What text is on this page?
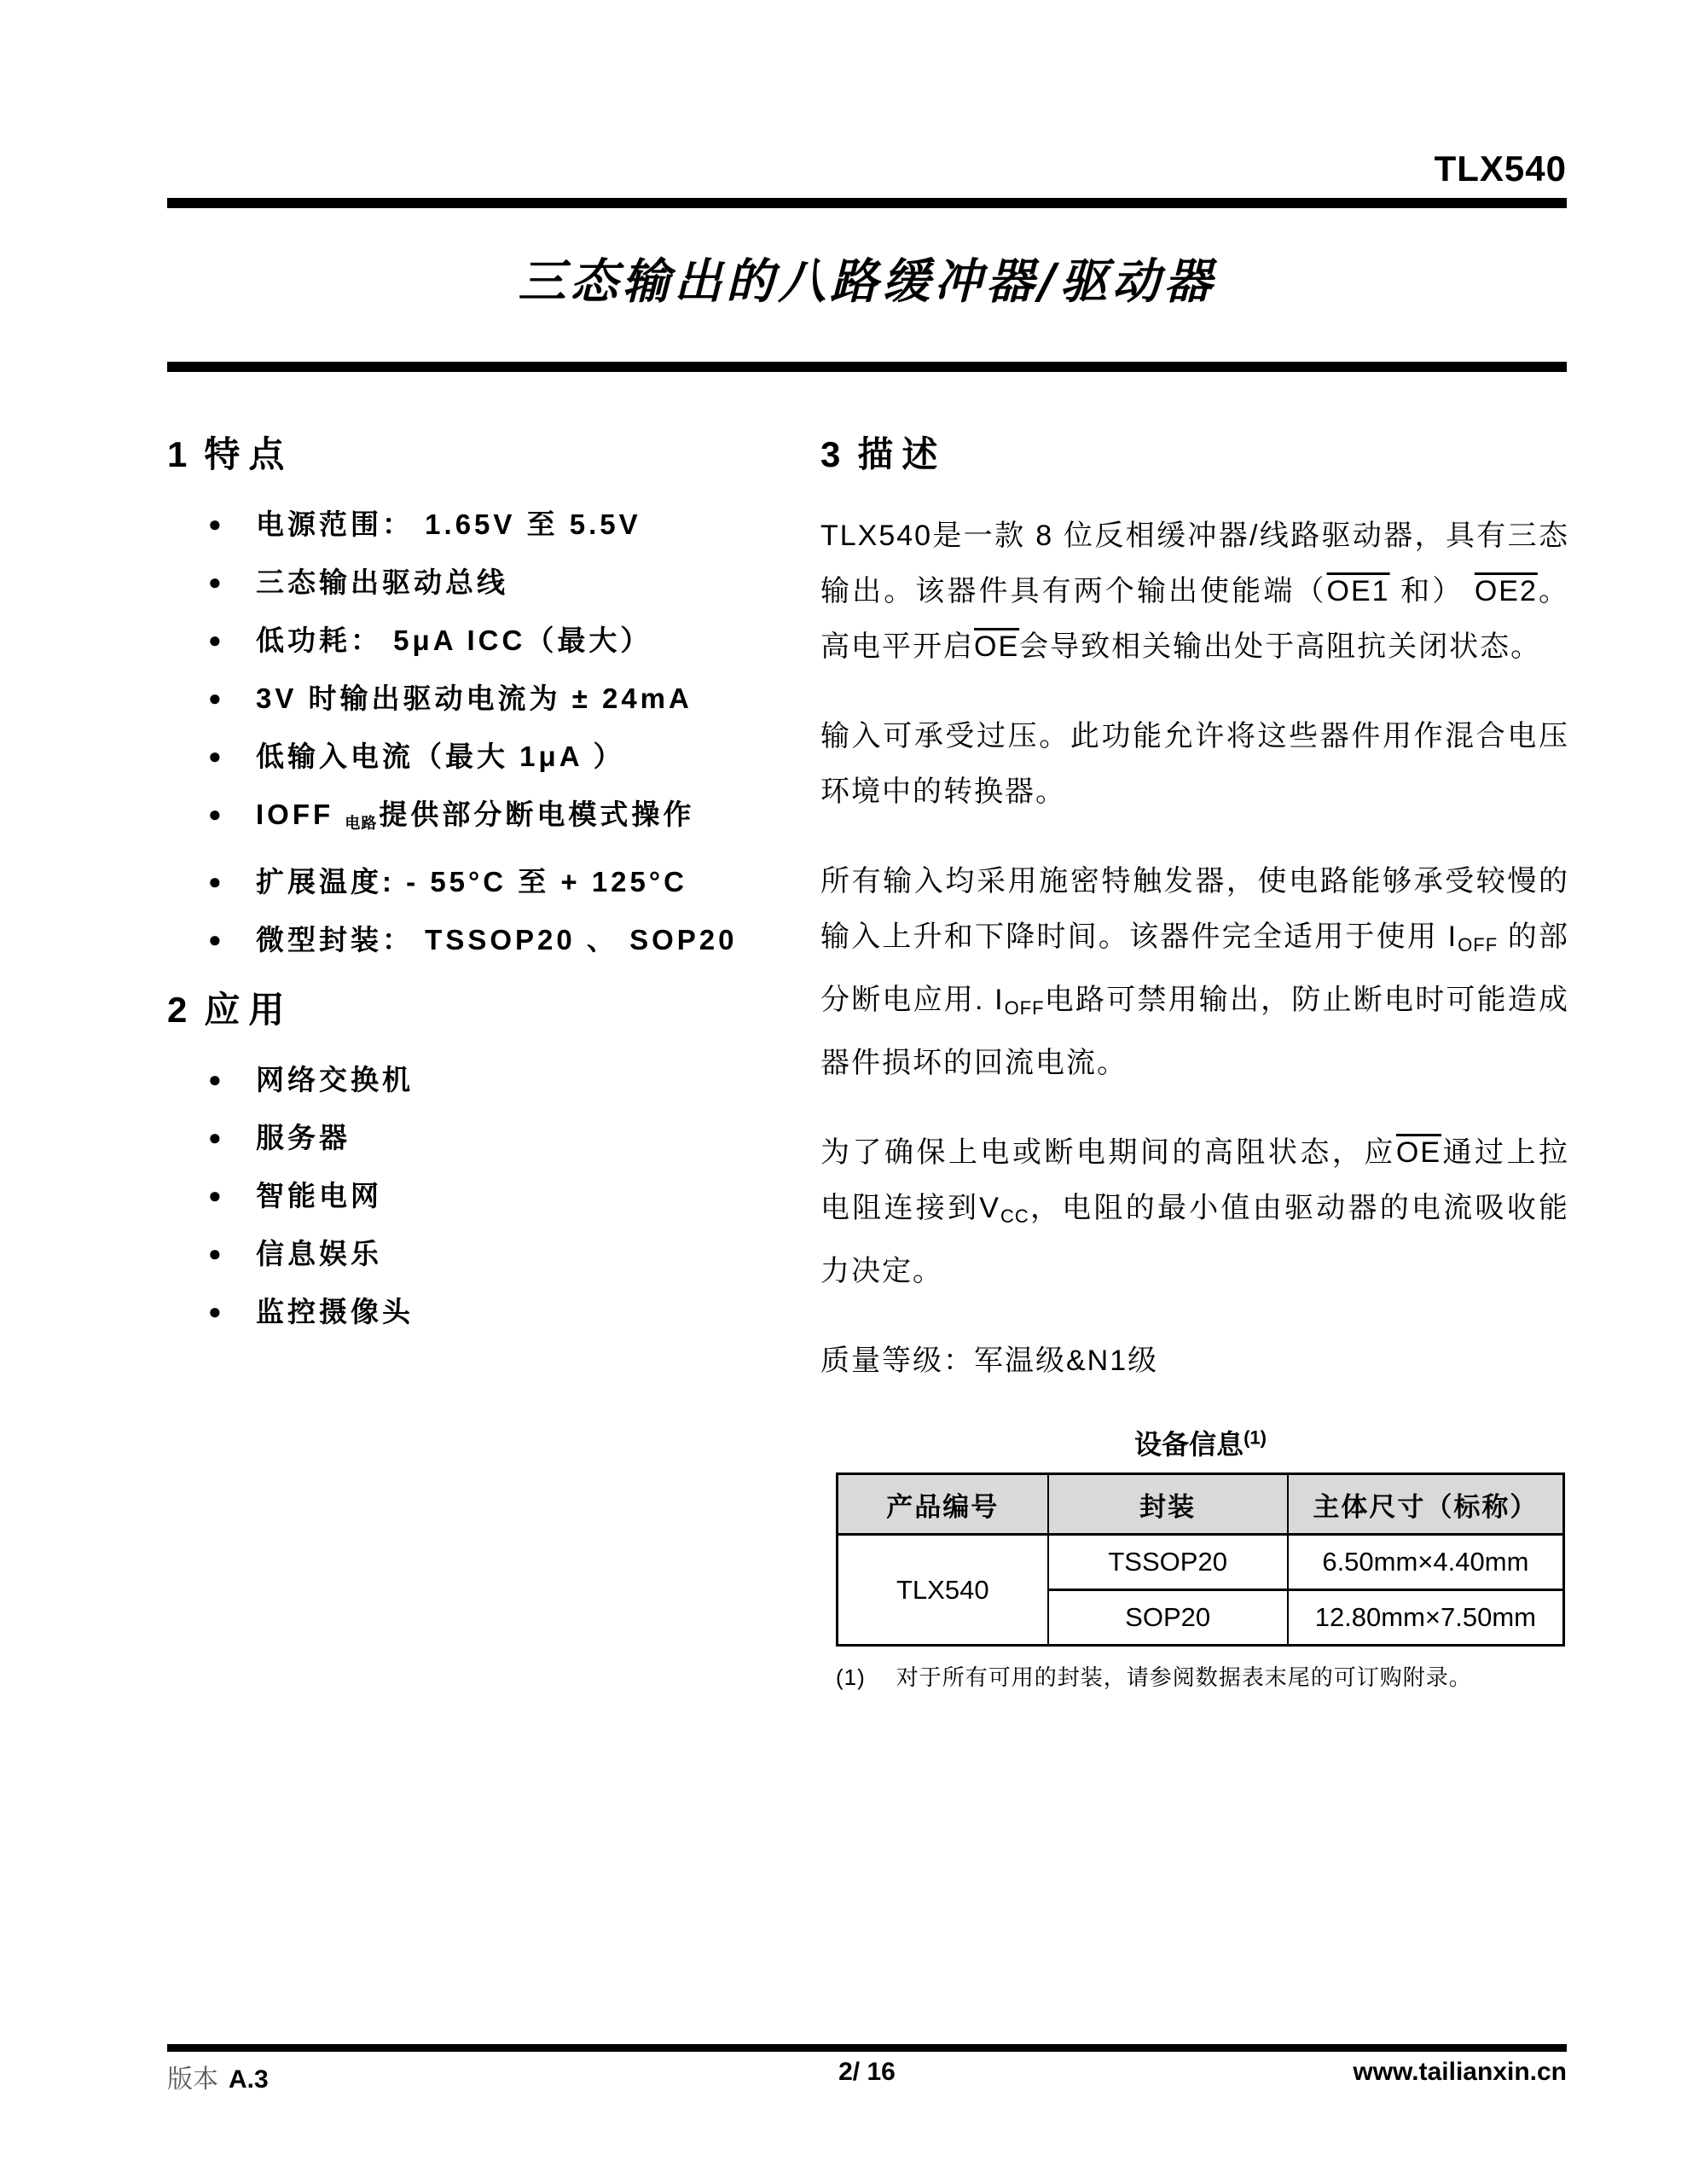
TLX540
三态输出的八路缓冲器/驱动器
1 特点
●	电源范围： 1.65V 至 5.5V
●	三态输出驱动总线
●	低功耗： 5μA ICC（最大）
●	3V 时输出驱动电流为 ± 24mA
●	低输入电流（最大 1μA ）
●	IOFF $_{电路}$提供部分断电模式操作
●	扩展温度: - 55°C 至 + 125°C
●	微型封装： TSSOP20 、 SOP20
2 应用
●	网络交换机
●	服务器
●	智能电网
●	信息娱乐
●	监控摄像头
3 描述

TLX540是一款 8 位反相缓冲器/线路驱动器，具有三态输出。该器件具有两个输出使能端（OE1 和） OE2。高电平开启$\overline{OE}$会导致相关输出处于高阻抗关闭状态。

输入可承受过压。此功能允许将这些器件用作混合电压环境中的转换器。

所有输入均采用施密特触发器，使电路能够承受较慢的输入上升和下降时间。该器件完全适用于使用 $I_{OFF}$ 的部分断电应用. $I_{OFF}$电路可禁用输出，防止断电时可能造成器件损坏的回流电流。

为了确保上电或断电期间的高阻状态，应$\overline{OE}$通过上拉电阻连接到$V_{CC}$，电阻的最小值由驱动器的电流吸收能力决定。

质量等级：军温级&N1级

设备信息$^{(1)}$
产品编号	封装	主体尺寸（标称）
TLX540	TSSOP20	6.50mm×4.40mm
	SOP20	12.80mm×7.50mm
(1) 对于所有可用的封装，请参阅数据表末尾的可订购附录。
版本 A.3	2/ 16	www.tailianxin.cn
